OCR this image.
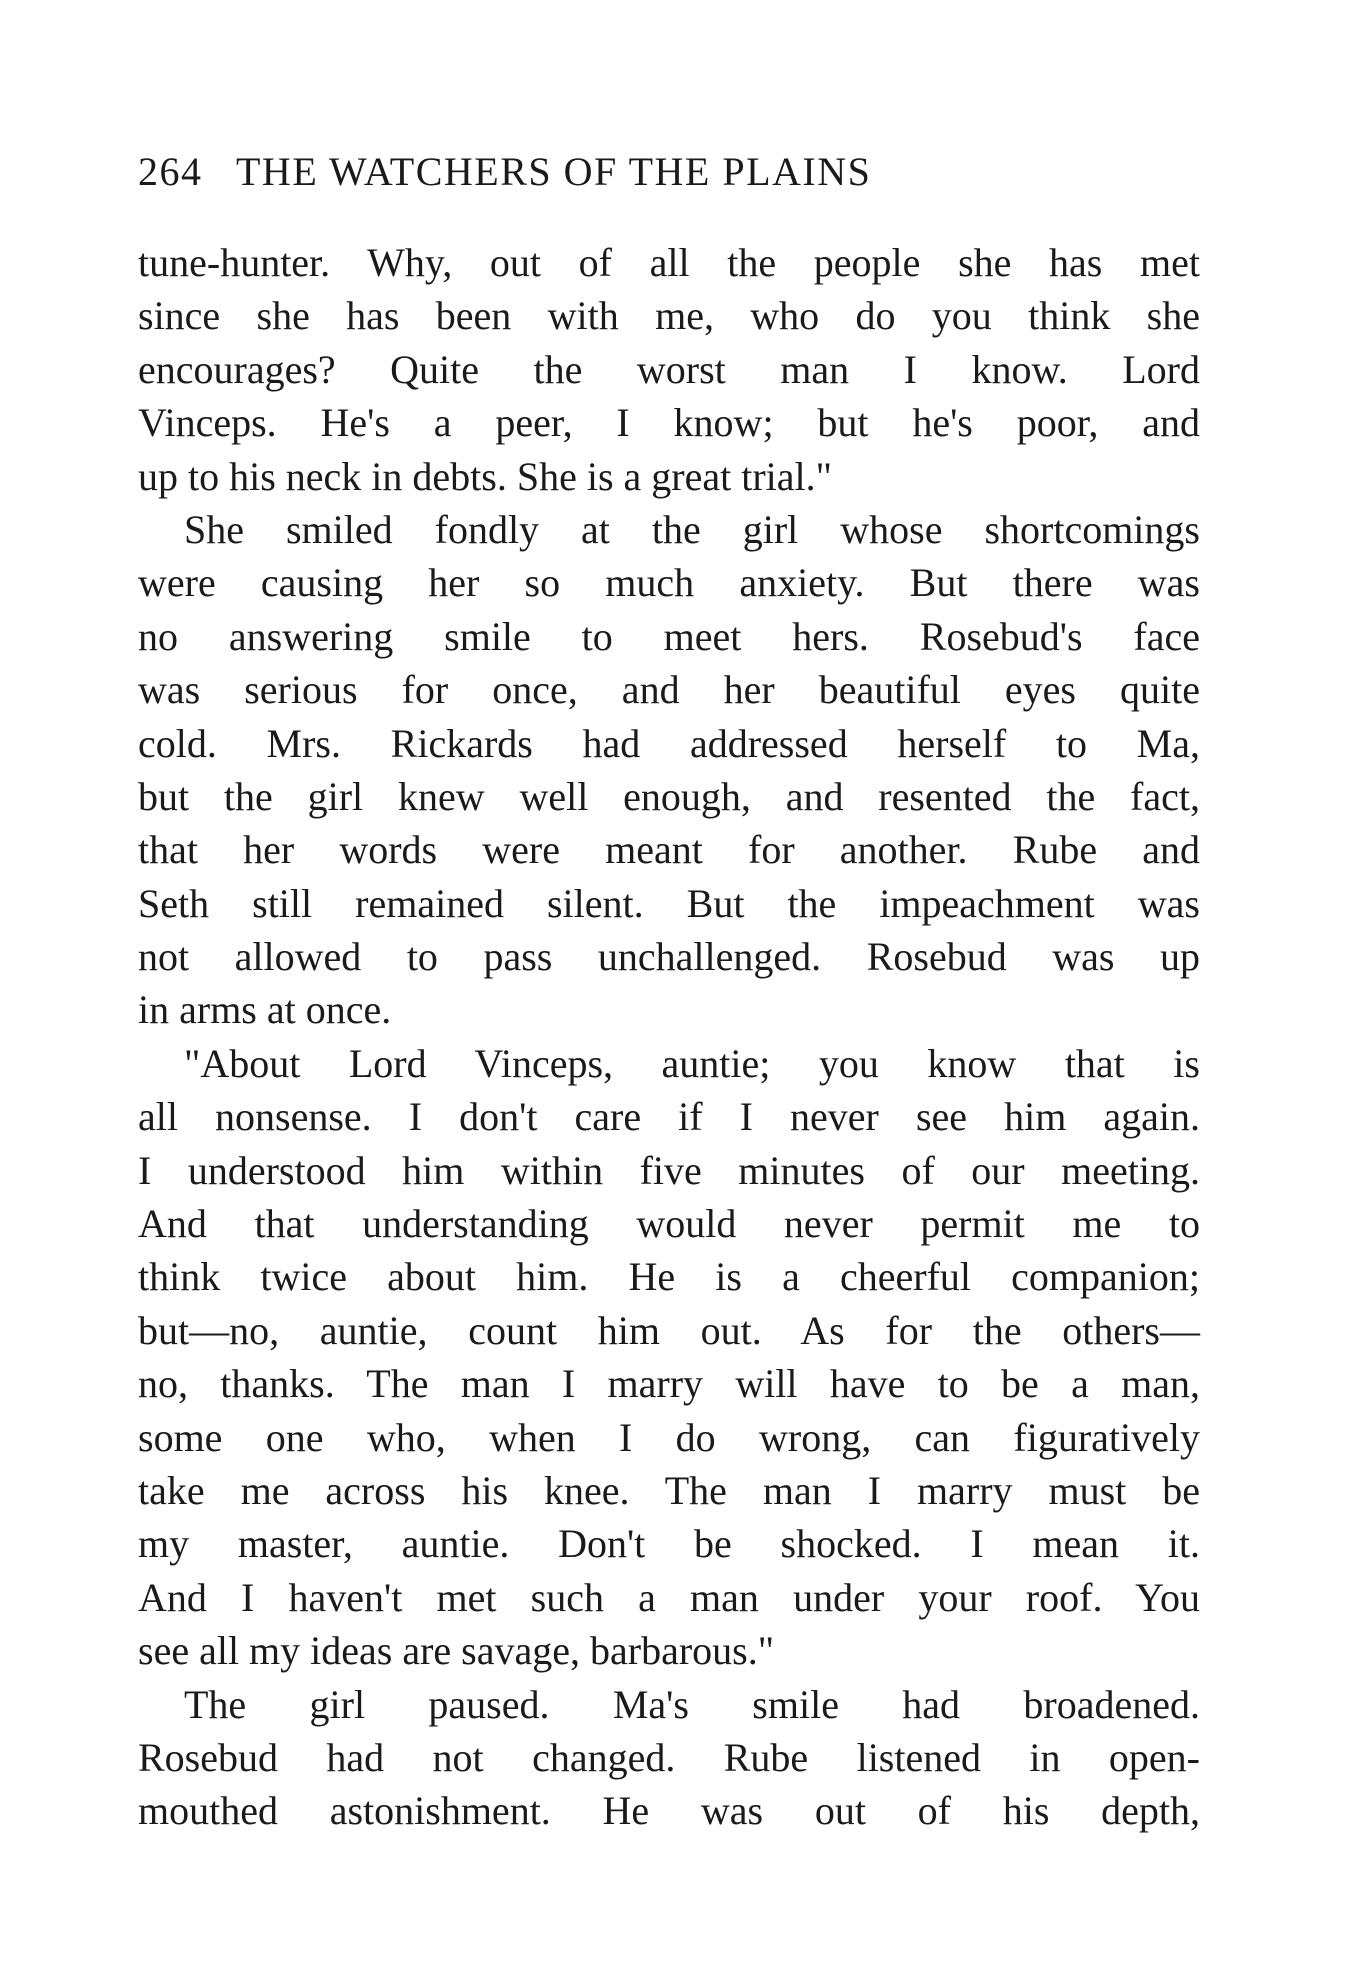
264 THE WATCHERS OF THE PLAINS
tune-hunter. Why, out of all the people she has met
since she has been with me, who do you think she
encourages? Quite the worst man I know. Lord
Vinceps. He's a peer, I know; but he's poor, and
up to his neck in debts. She is a great trial."
She smiled fondly at the girl whose shortcomings
were causing her so much anxiety. But there was
no answering smile to meet hers. Rosebud's face
was serious for once, and her beautiful eyes quite
cold. Mrs. Rickards had addressed herself to Ma,
but the girl knew well enough, and resented the fact,
that her words were meant for another. Rube and
Seth still remained silent. But the impeachment was
not allowed to pass unchallenged. Rosebud was up
in arms at once.
"About Lord Vinceps, auntie; you know that is
all nonsense. I don't care if I never see him again.
I understood him within five minutes of our meeting.
And that understanding would never permit me to
think twice about him. He is a cheerful companion;
but—no, auntie, count him out. As for the others—
no, thanks. The man I marry will have to be a man,
some one who, when I do wrong, can figuratively
take me across his knee. The man I marry must be
my master, auntie. Don't be shocked. I mean it.
And I haven't met such a man under your roof. You
see all my ideas are savage, barbarous."
The girl paused. Ma's smile had broadened.
Rosebud had not changed. Rube listened in open-
mouthed astonishment. He was out of his depth,
